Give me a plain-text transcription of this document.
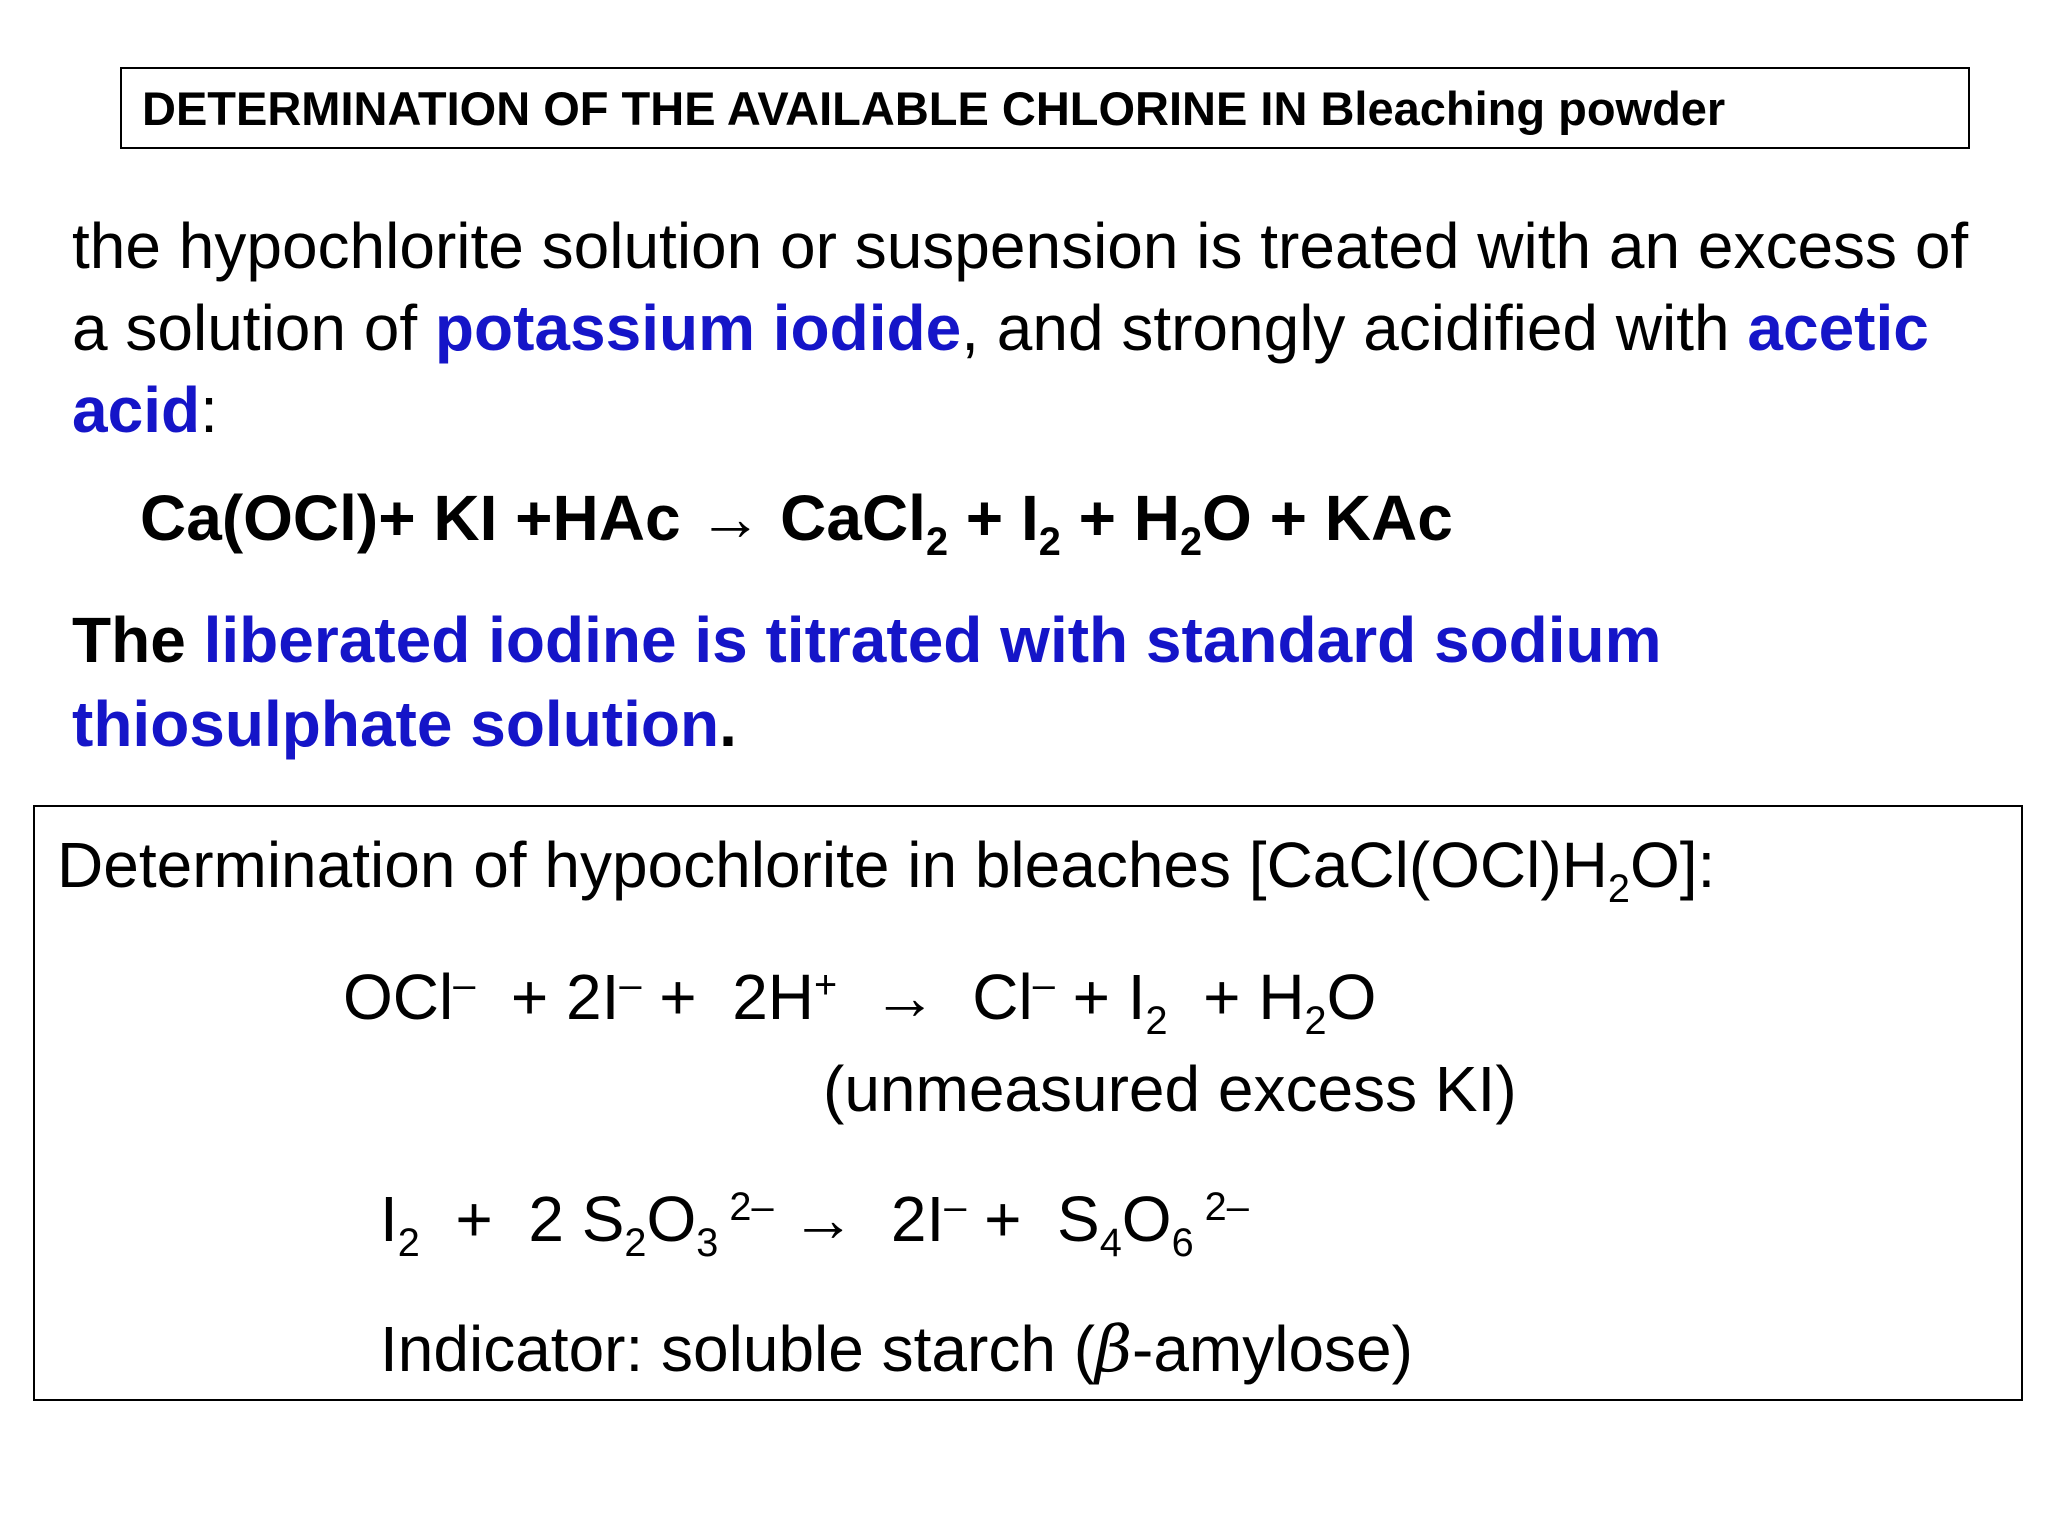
DETERMINATION OF THE AVAILABLE CHLORINE IN Bleaching powder
the hypochlorite solution or suspension is treated with an excess of a solution of potassium iodide, and strongly acidified with acetic acid:
Ca(OCl)+ KI +HAc → CaCl$_2$ + $I_2 + H_2O$ + KAc
The liberated iodine is titrated with standard sodium thiosulphate solution.
Determination of hypochlorite in bleaches $[CaCl(OCl)H_2O]$:
$OCl^- + 2I^- + 2H^+ \to Cl^- + I_2 + H_2O$
(unmeasured excess KI)
$I_2 + 2$ $S_2O_3$ $^{2-} \to 2I^- + S_4O_6$ $^{2-}$
Indicator: soluble starch (β-amylose)
